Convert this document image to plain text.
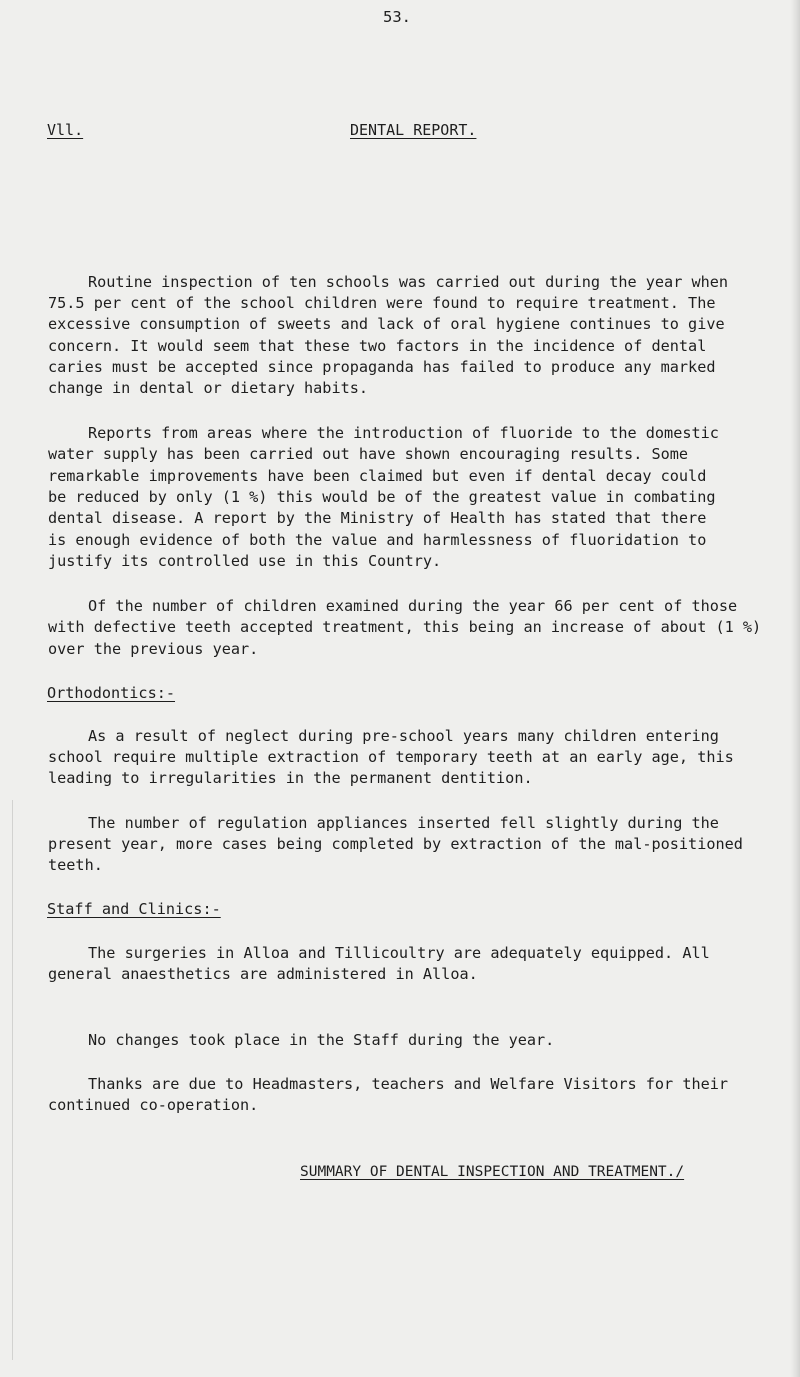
53.
Vll.	DENTAL REPORT.
Routine inspection of ten schools was carried out during the year when
75.5 per cent of the school children were found to require treatment. The
excessive consumption of sweets and lack of oral hygiene continues to give
concern. It would seem that these two factors in the incidence of dental
caries must be accepted since propaganda has failed to produce any marked
change in dental or dietary habits.
Reports from areas where the introduction of fluoride to the domestic
water supply has been carried out have shown encouraging results. Some
remarkable improvements have been claimed but even if dental decay could
be reduced by only (1 %) this would be of the greatest value in combating
dental disease. A report by the Ministry of Health has stated that there
is enough evidence of both the value and harmlessness of fluoridation to
justify its controlled use in this Country.
Of the number of children examined during the year 66 per cent of those
with defective teeth accepted treatment, this being an increase of about (1 %)
over the previous year.
Orthodontics:-
As a result of neglect during pre-school years many children entering
school require multiple extraction of temporary teeth at an early age, this
leading to irregularities in the permanent dentition.
The number of regulation appliances inserted fell slightly during the
present year, more cases being completed by extraction of the mal-positioned
teeth.
Staff and Clinics:-
The surgeries in Alloa and Tillicoultry are adequately equipped. All
general anaesthetics are administered in Alloa.
No changes took place in the Staff during the year.
Thanks are due to Headmasters, teachers and Welfare Visitors for their
continued co-operation.
SUMMARY OF DENTAL INSPECTION AND TREATMENT./
